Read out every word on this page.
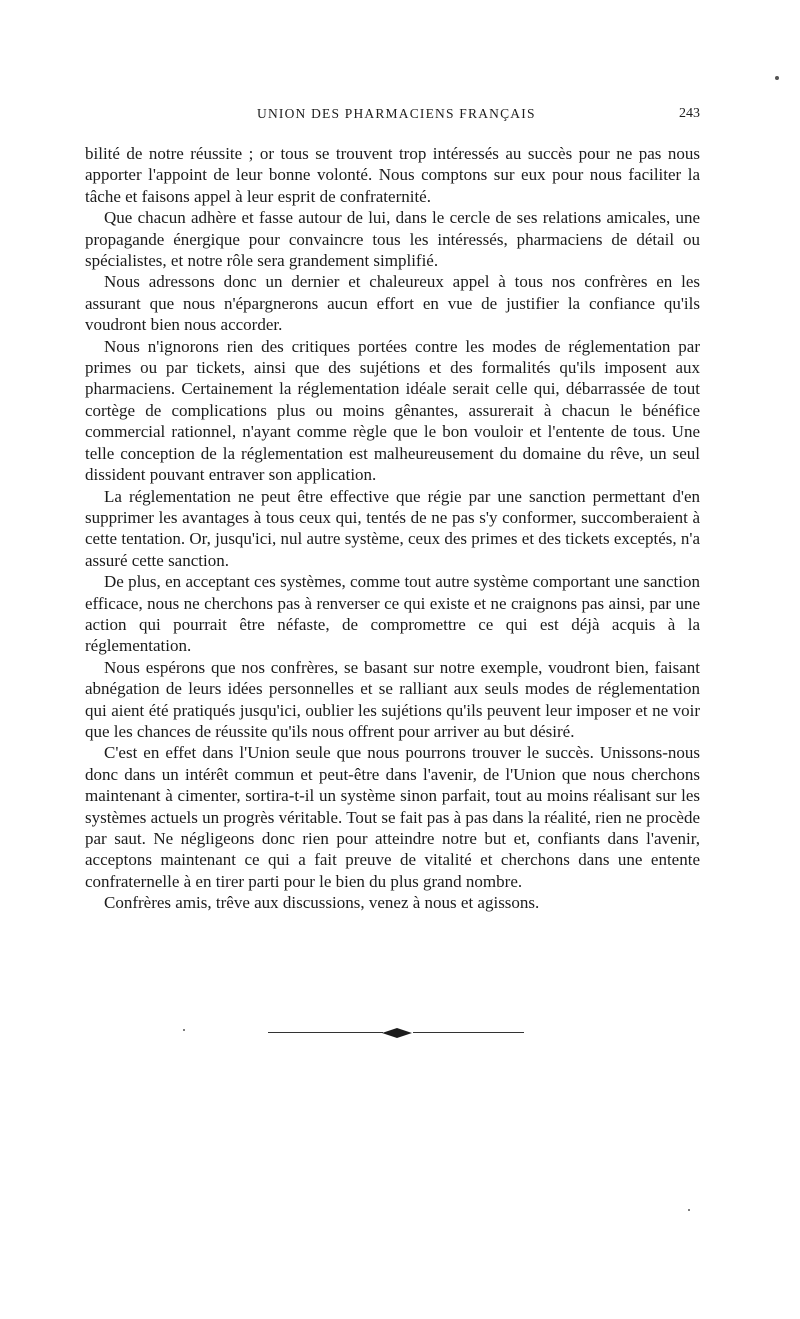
UNION DES PHARMACIENS FRANÇAIS	243

bilité de notre réussite ; or tous se trouvent trop intéressés au succès pour ne pas nous apporter l'appoint de leur bonne volonté. Nous comptons sur eux pour nous faciliter la tâche et faisons appel à leur esprit de confraternité.

Que chacun adhère et fasse autour de lui, dans le cercle de ses relations amicales, une propagande énergique pour convaincre tous les intéressés, pharmaciens de détail ou spécialistes, et notre rôle sera grandement simplifié.

Nous adressons donc un dernier et chaleureux appel à tous nos confrères en les assurant que nous n'épargnerons aucun effort en vue de justifier la confiance qu'ils voudront bien nous accorder.

Nous n'ignorons rien des critiques portées contre les modes de réglementation par primes ou par tickets, ainsi que des sujétions et des formalités qu'ils imposent aux pharmaciens. Certainement la réglementation idéale serait celle qui, débarrassée de tout cortège de complications plus ou moins gênantes, assurerait à chacun le bénéfice commercial rationnel, n'ayant comme règle que le bon vouloir et l'entente de tous. Une telle conception de la réglementation est malheureusement du domaine du rêve, un seul dissident pouvant entraver son application.

La réglementation ne peut être effective que régie par une sanction permettant d'en supprimer les avantages à tous ceux qui, tentés de ne pas s'y conformer, succomberaient à cette tentation. Or, jusqu'ici, nul autre système, ceux des primes et des tickets exceptés, n'a assuré cette sanction.

De plus, en acceptant ces systèmes, comme tout autre système comportant une sanction efficace, nous ne cherchons pas à renverser ce qui existe et ne craignons pas ainsi, par une action qui pourrait être néfaste, de compromettre ce qui est déjà acquis à la réglementation.

Nous espérons que nos confrères, se basant sur notre exemple, voudront bien, faisant abnégation de leurs idées personnelles et se ralliant aux seuls modes de réglementation qui aient été pratiqués jusqu'ici, oublier les sujétions qu'ils peuvent leur imposer et ne voir que les chances de réussite qu'ils nous offrent pour arriver au but désiré.

C'est en effet dans l'Union seule que nous pourrons trouver le succès. Unissons-nous donc dans un intérêt commun et peut-être dans l'avenir, de l'Union que nous cherchons maintenant à cimenter, sortira-t-il un système sinon parfait, tout au moins réalisant sur les systèmes actuels un progrès véritable. Tout se fait pas à pas dans la réalité, rien ne procède par saut. Ne négligeons donc rien pour atteindre notre but et, confiants dans l'avenir, acceptons maintenant ce qui a fait preuve de vitalité et cherchons dans une entente confraternelle à en tirer parti pour le bien du plus grand nombre.

Confrères amis, trêve aux discussions, venez à nous et agissons.
